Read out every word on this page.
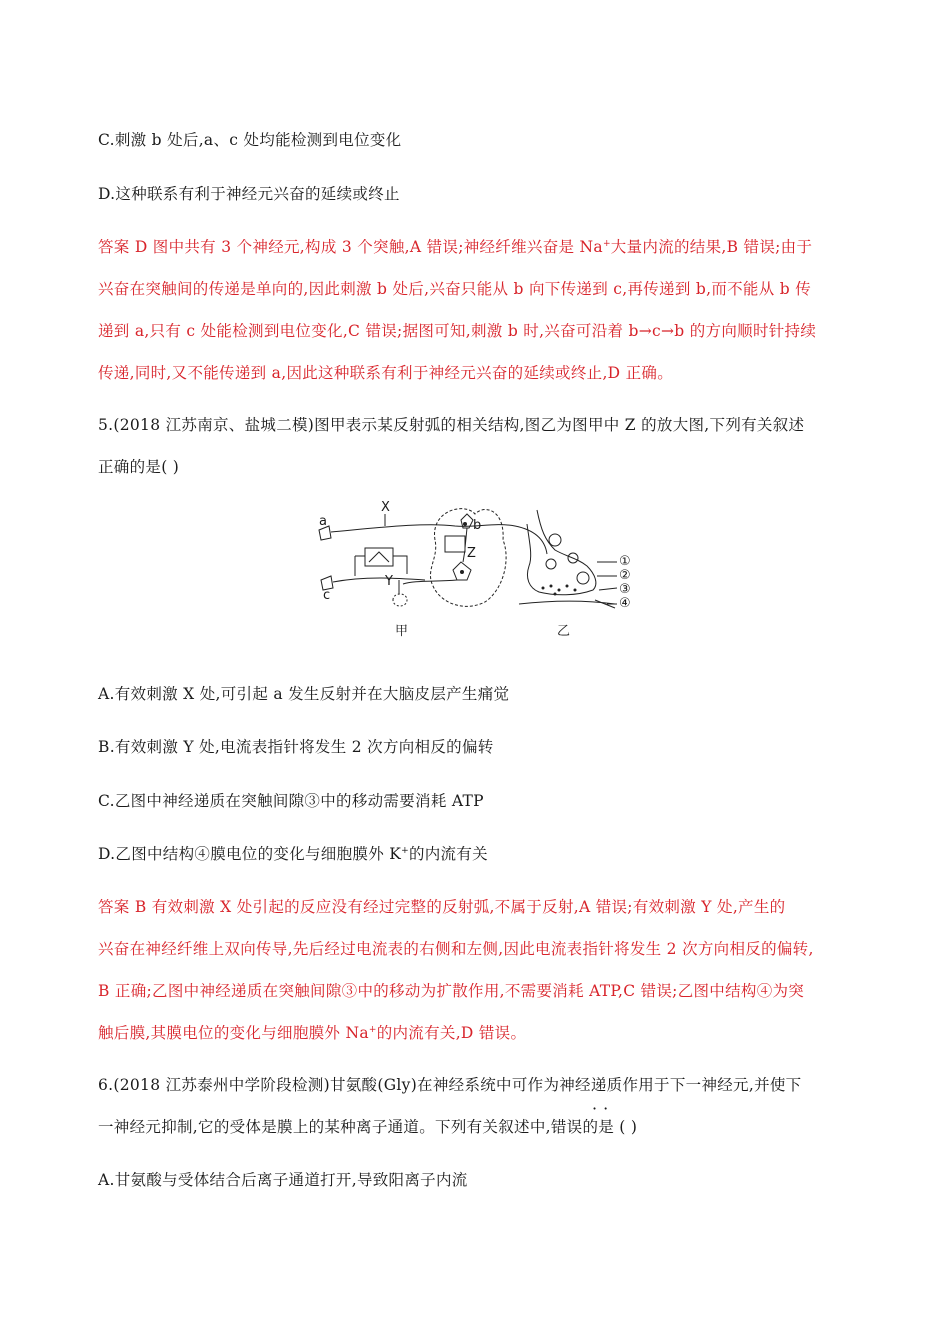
C.刺激 b 处后,a、c 处均能检测到电位变化
D.这种联系有利于神经元兴奋的延续或终止
答案 D 图中共有 3 个神经元,构成 3 个突触,A 错误;神经纤维兴奋是 Na+大量内流的结果,B 错误;由于
兴奋在突触间的传递是单向的,因此刺激 b 处后,兴奋只能从 b 向下传递到 c,再传递到 b,而不能从 b 传
递到 a,只有 c 处能检测到电位变化,C 错误;据图可知,刺激 b 时,兴奋可沿着 b→c→b 的方向顺时针持续
传递,同时,又不能传递到 a,因此这种联系有利于神经元兴奋的延续或终止,D 正确。
5.(2018 江苏南京、盐城二模)图甲表示某反射弧的相关结构,图乙为图甲中 Z 的放大图,下列有关叙述
正确的是( )
a
X
b
Z
Y
c
①
②
③
④
甲	乙
A.有效刺激 X 处,可引起 a 发生反射并在大脑皮层产生痛觉
B.有效刺激 Y 处,电流表指针将发生 2 次方向相反的偏转
C.乙图中神经递质在突触间隙③中的移动需要消耗 ATP
D.乙图中结构④膜电位的变化与细胞膜外 K+的内流有关
答案 B 有效刺激 X 处引起的反应没有经过完整的反射弧,不属于反射,A 错误;有效刺激 Y 处,产生的
兴奋在神经纤维上双向传导,先后经过电流表的右侧和左侧,因此电流表指针将发生 2 次方向相反的偏转,
B 正确;乙图中神经递质在突触间隙③中的移动为扩散作用,不需要消耗 ATP,C 错误;乙图中结构④为突
触后膜,其膜电位的变化与细胞膜外 Na+的内流有关,D 错误。
6.(2018 江苏泰州中学阶段检测)甘氨酸(Gly)在神经系统中可作为神经递质作用于下一神经元,并使下
··
一神经元抑制,它的受体是膜上的某种离子通道。下列有关叙述中,错误的是 ( )
A.甘氨酸与受体结合后离子通道打开,导致阳离子内流
